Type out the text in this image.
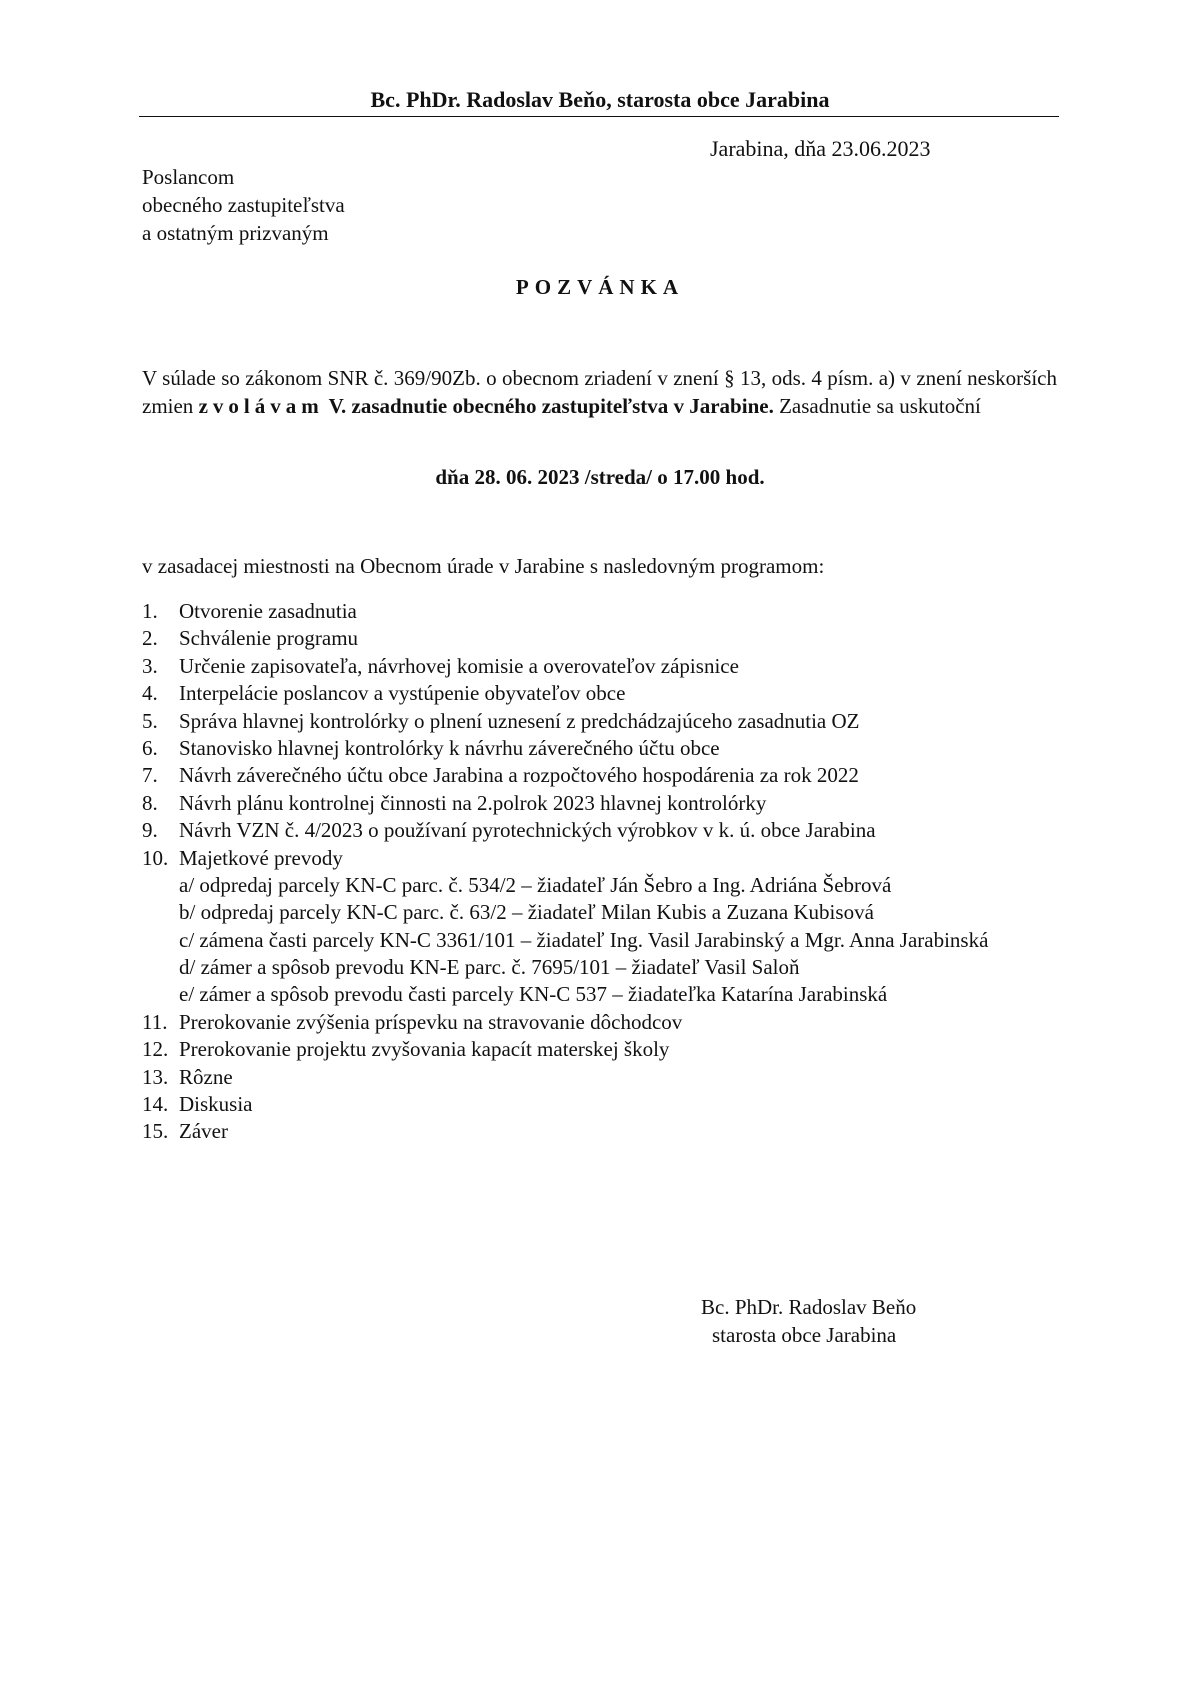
Bc. PhDr. Radoslav Beňo, starosta obce Jarabina
Jarabina, dňa 23.06.2023
Poslancom
obecného zastupiteľstva
a ostatným prizvaným
POZVÁNKA
V súlade so zákonom SNR č. 369/90Zb. o obecnom zriadení v znení § 13, ods. 4 písm. a) v znení neskorších zmien zvolávam V. zasadnutie obecného zastupiteľstva v Jarabine. Zasadnutie sa uskutoční
dňa 28. 06. 2023 /streda/ o 17.00 hod.
v zasadacej miestnosti na Obecnom úrade v Jarabine s nasledovným programom:
1. Otvorenie zasadnutia
2. Schválenie programu
3. Určenie zapisovateľa, návrhovej komisie a overovateľov zápisnice
4. Interpelácie poslancov a vystúpenie obyvateľov obce
5. Správa hlavnej kontrolórky o plnení uznesení z predchádzajúceho zasadnutia OZ
6. Stanovisko hlavnej kontrolórky k návrhu záverečného účtu obce
7. Návrh záverečného účtu obce Jarabina a rozpočtového hospodárenia za rok 2022
8. Návrh plánu kontrolnej činnosti na 2.polrok 2023 hlavnej kontrolórky
9. Návrh VZN č. 4/2023 o používaní pyrotechnických výrobkov v k. ú. obce Jarabina
10. Majetkové prevody
a/ odpredaj parcely KN-C parc. č. 534/2 – žiadateľ Ján Šebro a Ing. Adriána Šebrová
b/ odpredaj parcely KN-C parc. č. 63/2 – žiadateľ Milan Kubis a Zuzana Kubisová
c/ zámena časti parcely KN-C 3361/101 – žiadateľ Ing. Vasil Jarabinský a Mgr. Anna Jarabinská
d/ zámer a spôsob prevodu KN-E parc. č. 7695/101 – žiadateľ Vasil Saloň
e/ zámer a spôsob prevodu časti parcely KN-C 537 – žiadateľka Katarína Jarabinská
11. Prerokovanie zvýšenia príspevku na stravovanie dôchodcov
12. Prerokovanie projektu zvyšovania kapacít materskej školy
13. Rôzne
14. Diskusia
15. Záver
Bc. PhDr. Radoslav Beňo
starosta obce Jarabina
